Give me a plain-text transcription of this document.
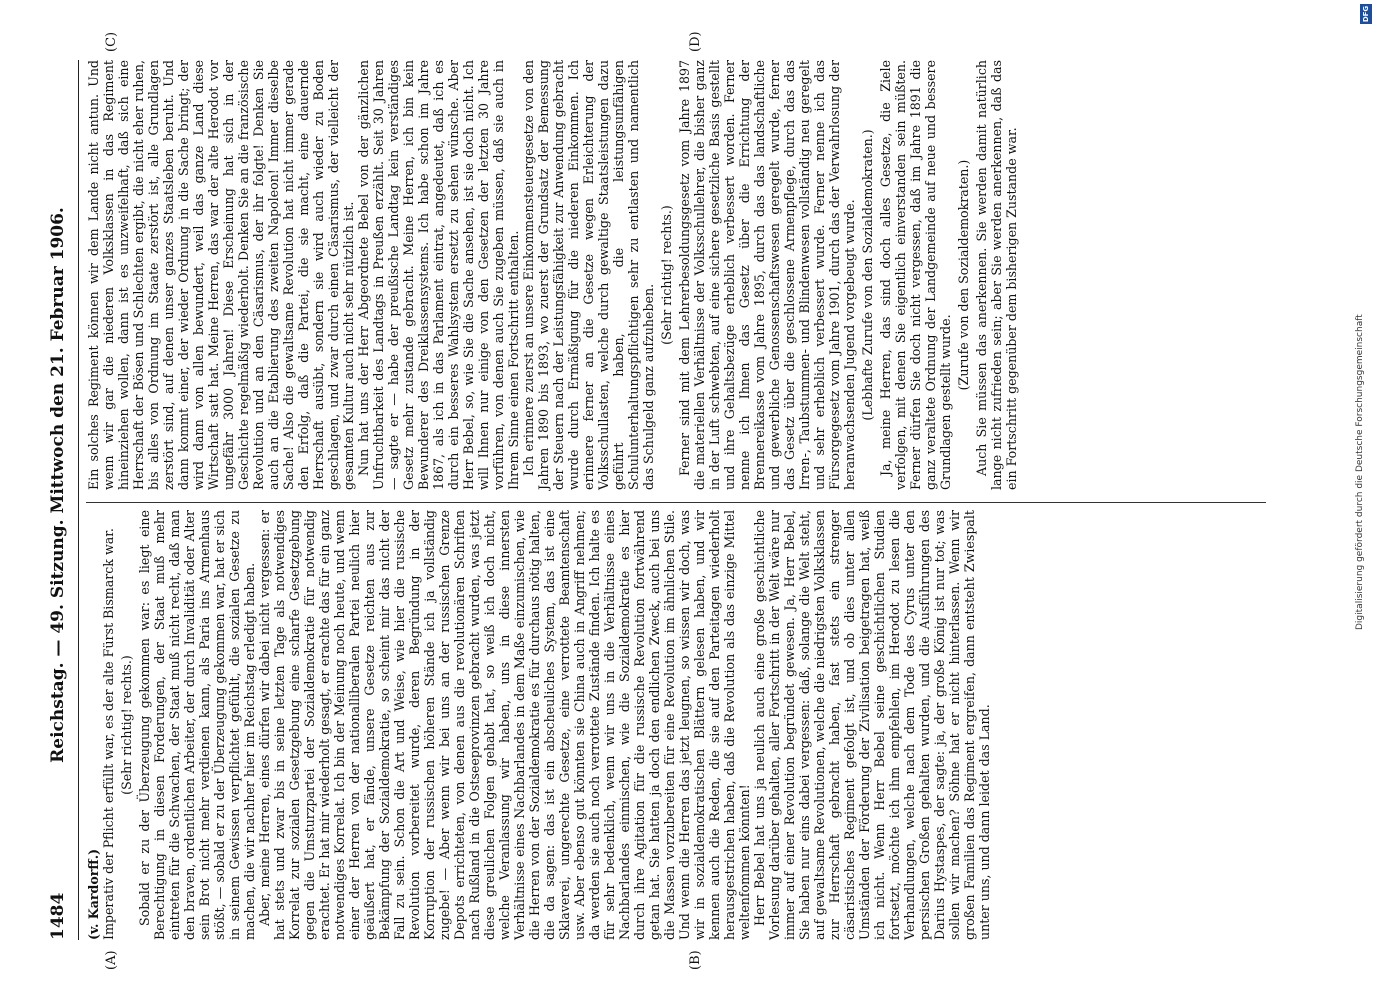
1484
Reichstag. — 49. Sitzung. Mittwoch den 21. Februar 1906.
(A)	(B)
(C)	(D)

(v. Kardorff.) Imperativ der Pflicht erfüllt war, es der alte Fürst Bismarck war. (Sehr richtig! rechts.) Sobald er zu der Überzeugung gekommen war: es liegt eine Berechtigung in diesen Forderungen, der Staat muß mehr eintreten für die Schwachen, der Staat muß nicht recht, daß man den braven, ordentlichen Arbeiter, der durch Invalidität oder Alter sein Brot nicht mehr verdienen kann, als Paria ins Armenhaus stößt, — sobald er zu der Überzeugung gekommen war, hat er sich in seinem Gewissen verpflichtet gefühlt, die sozialen Gesetze zu machen, die wir nachher hier im Reichstag erledigt haben. Aber, meine Herren, eines dürfen wir dabei nicht vergessen: er hat stets und zwar bis in seine letzten Tage als notwendiges Korrelat zur sozialen Gesetzgebung eine scharfe Gesetzgebung gegen die Umsturzpartei der Sozialdemokratie für notwendig erachtet. Er hat mir wiederholt gesagt, er erachte das für ein ganz notwendiges Korrelat. Ich bin der Meinung noch heute, und wenn einer der Herren von der nationalliberalen Partei neulich hier geäußert hat, er fände, unsere Gesetze reichten aus zur Bekämpfung der Sozialdemokratie, so scheint mir das nicht der Fall zu sein. Schon die Art und Weise, wie hier die russische Revolution vorbereitet wurde, deren Begründung in der Korruption der russischen höheren Stände ich ja vollständig zugebe! — Aber wenn wir bei uns an der russischen Grenze Depots errichteten, von denen aus die revolutionären Schriften nach Rußland in die Ostseeprovinzen gebracht wurden, was jetzt diese greulichen Folgen gehabt hat, so weiß ich doch nicht, welche Veranlassung wir haben, uns in diese innersten Verhältnisse eines Nachbarlandes in dem Maße einzumischen, wie die Herren von der Sozialdemokratie es für durchaus nötig halten, die da sagen: das ist ein abscheuliches System, das ist eine Sklaverei, ungerechte Gesetze, eine verrottete Beamtenschaft usw. Aber ebenso gut könnten sie China auch in Angriff nehmen; da werden sie auch noch verrottete Zustände finden. Ich halte es für sehr bedenklich, wenn wir uns in die Verhältnisse eines Nachbarlandes einmischen, wie die Sozialdemokratie es hier durch ihre Agitation für die russische Revolution fortwährend getan hat. Sie hatten ja doch den endlichen Zweck, auch bei uns die Massen vorzubereiten für eine Revolution im ähnlichen Stile. Und wenn die Herren das jetzt leugnen, so wissen wir doch, was wir in sozialdemokratischen Blättern gelesen haben, und wir kennen auch die Reden, die sie auf den Parteitagen wiederholt herausgestrichen haben, daß die Revolution als das einzige Mittel weltenfommen könnten! Herr Bebel hat uns ja neulich auch eine große geschichtliche Vorlesung darüber gehalten, aller Fortschritt in der Welt wäre nur immer auf einer Revolution begründet gewesen. Ja, Herr Bebel, Sie haben nur eins dabei vergessen: daß, solange die Welt steht, auf gewaltsame Revolutionen, welche die niedrigsten Volksklassen zur Herrschaft gebracht haben, fast stets ein strenger cäsaristisches Regiment gefolgt ist, und ob dies unter allen Umständen der Förderung der Zivilisation beigetragen hat, weiß ich nicht. Wenn Herr Bebel seine geschichtlichen Studien fortsetzt, möchte ich ihm empfehlen, im Herodot zu lesen die Verhandlungen, welche nach dem Tode des Cyrus unter den persischen Großen gehalten wurden, und die Ausführungen des Darius Hystaspes, der sagte: ja, der große König ist nur tot; was sollen wir machen? Söhne hat er nicht hinterlassen. Wenn wir großen Familien das Regiment ergreifen, dann entsteht Zwiespalt unter uns, und dann leidet das Land.

Ein solches Regiment können wir dem Lande nicht antun. Und wenn wir gar die niederen Volksklassen in das Regiment hineinziehen wollen, dann ist es unzweifelhaft, daß sich eine Herrschaft der Bösen und Schlechten ergibt, die nicht eher ruhen, bis alles von Ordnung im Staate zerstört ist, alle Grundlagen zerstört sind, auf denen unser ganzes Staatsleben beruht. Und dann kommt einer, der wieder Ordnung in die Sache bringt; der wird dann von allen bewundert, weil das ganze Land diese Wirtschaft satt hat. Meine Herren, das war der alte Herodot vor ungefähr 3000 Jahren! Diese Erscheinung hat sich in der Geschichte regelmäßig wiederholt. Denken Sie an die französische Revolution und an den Cäsarismus, der ihr folgte! Denken Sie auch an die Etablierung des zweiten Napoleon! Immer dieselbe Sache! Also die gewaltsame Revolution hat nicht immer gerade den Erfolg, daß die Partei, die sie macht, eine dauernde Herrschaft ausübt, sondern sie wird auch wieder zu Boden geschlagen, und zwar durch einen Cäsarismus, der vielleicht der gesamten Kultur auch nicht sehr nützlich ist. Nun hat uns der Herr Abgeordnete Bebel von der gänzlichen Unfruchtbarkeit des Landtags in Preußen erzählt. Seit 30 Jahren — sagte er — habe der preußische Landtag kein verständiges Gesetz mehr zustande gebracht. Meine Herren, ich bin kein Bewunderer des Dreiklassensystems. Ich habe schon im Jahre 1867, als ich in das Parlament eintrat, angedeutet, daß ich es durch ein besseres Wahlsystem ersetzt zu sehen wünsche. Aber Herr Bebel, so, wie Sie die Sache ansehen, ist sie doch nicht. Ich will Ihnen nur einige von den Gesetzen der letzten 30 Jahre vorführen, von denen auch Sie zugeben müssen, daß sie auch in Ihrem Sinne einen Fortschritt enthalten. Ich erinnere zuerst an unsere Einkommensteuergesetze von den Jahren 1890 bis 1893, wo zuerst der Grundsatz der Bemessung der Steuern nach der Leistungsfähigkeit zur Anwendung gebracht wurde durch Ermäßigung für die niederen Einkommen. Ich erinnere ferner an die Gesetze wegen Erleichterung der Volksschullasten, welche durch gewaltige Staatsleistungen dazu geführt haben, die leistungsunfähigen Schulunterhaltungspflichtigen sehr zu entlasten und namentlich das Schulgeld ganz aufzuheben.

(Sehr richtig! rechts.) Ferner sind mit dem Lehrerbesoldungsgesetz vom Jahre 1897 die materiellen Verhältnisse der Volksschullehrer, die bisher ganz in der Luft schwebten, auf eine sichere gesetzliche Basis gestellt und ihre Gehaltsbezüge erheblich verbessert worden. Ferner nenne ich Ihnen das Gesetz über die Errichtung der Brennereikasse vom Jahre 1895, durch das das landschaftliche und gewerbliche Genossenschaftswesen geregelt wurde, ferner das Gesetz über die geschlossene Armenpflege, durch das das Irren-, Taubstummen- und Blindenwesen vollständig neu geregelt und sehr erheblich verbessert wurde. Ferner nenne ich das Fürsorgegesetz vom Jahre 1901, durch das der Verwahrlosung der heranwachsenden Jugend vorgebeugt wurde. (Lebhafte Zurufe von den Sozialdemokraten.) Ja, meine Herren, das sind doch alles Gesetze, die Ziele verfolgen, mit denen Sie eigentlich einverstanden sein müßten. Ferner dürfen Sie doch nicht vergessen, daß im Jahre 1891 die ganz veraltete Ordnung der Landgemeinde auf neue und bessere Grundlagen gestellt wurde.

(Zurufe von den Sozialdemokraten.) Auch Sie müssen das anerkennen. Sie werden damit natürlich lange nicht zufrieden sein; aber Sie werden anerkennen, daß das ein Fortschritt gegenüber dem bisherigen Zustande war.	Digitalisierung gefördert durch die Deutsche Forschungsgemeinschaft
DFG
